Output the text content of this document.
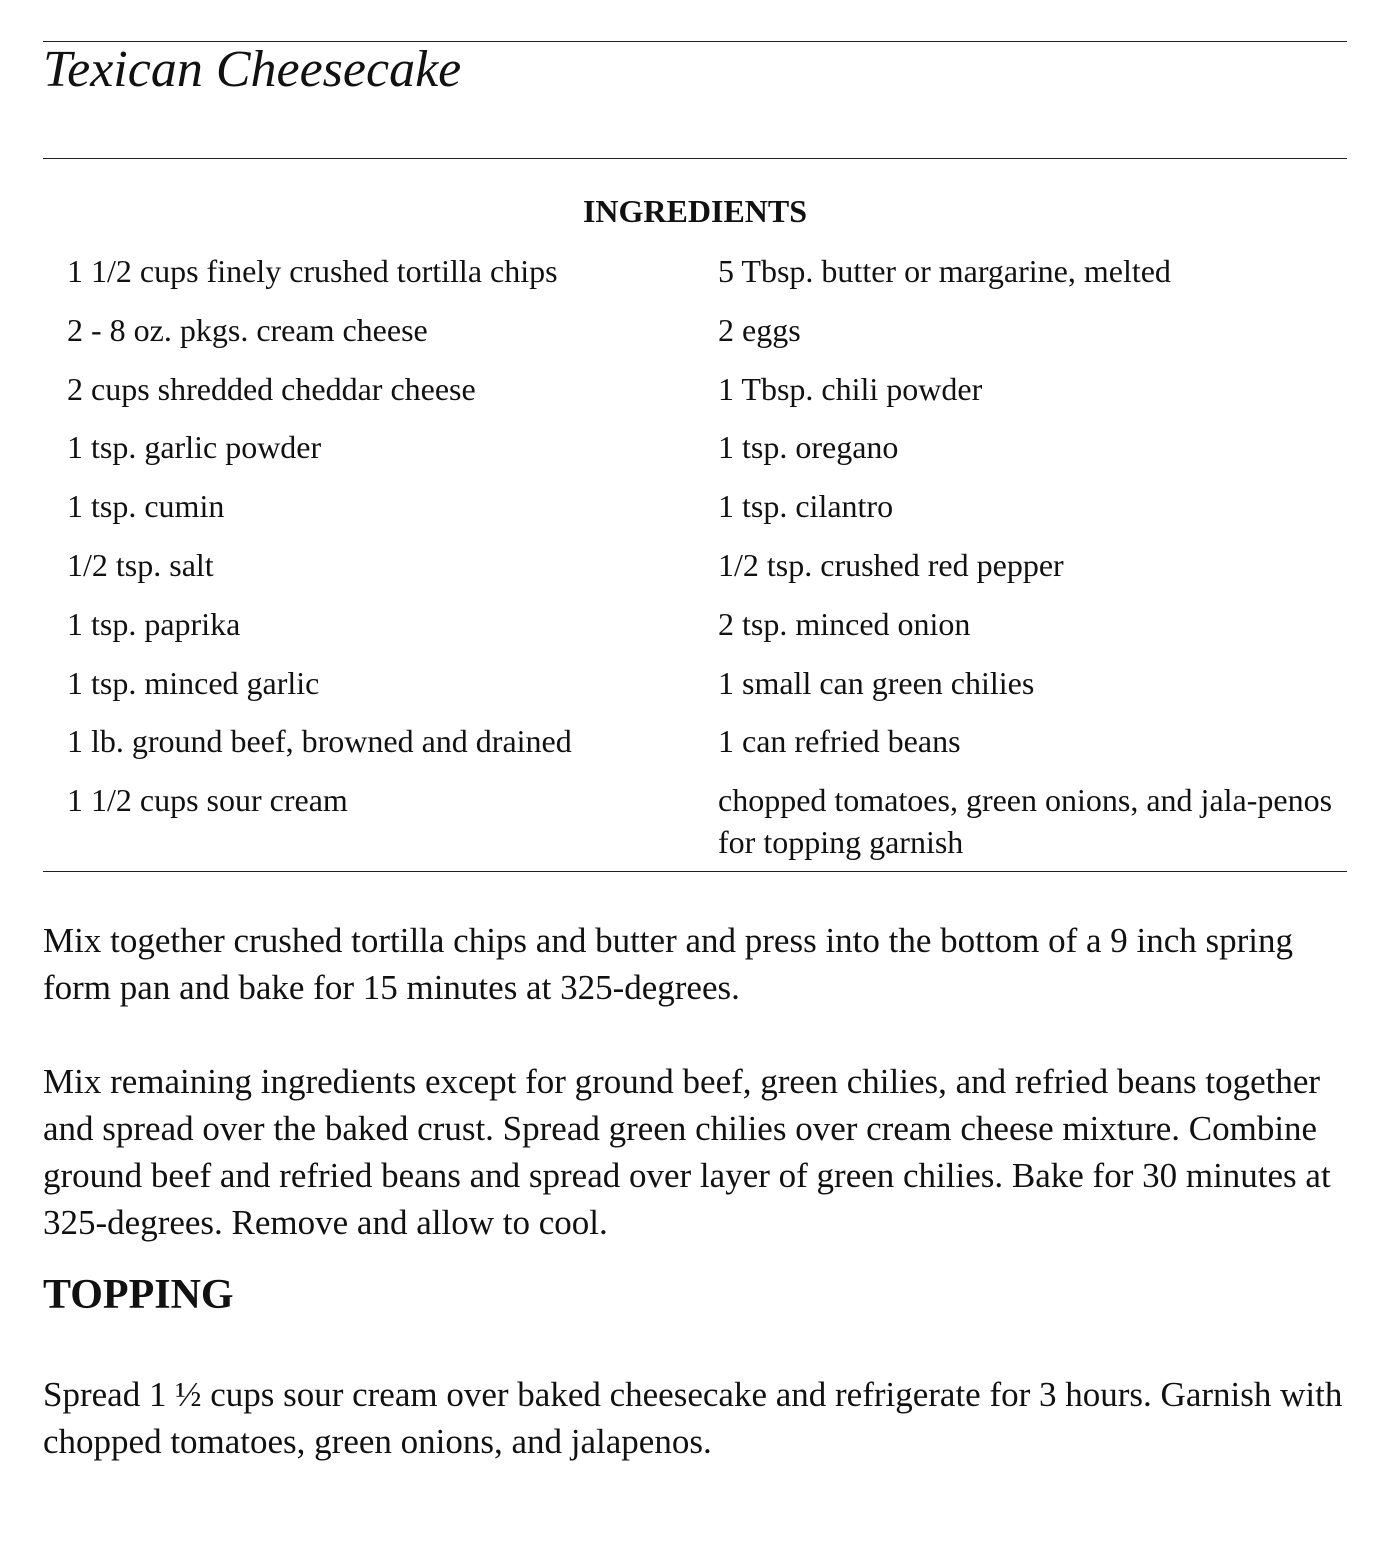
Texican Cheesecake
INGREDIENTS
1 1/2 cups finely crushed tortilla chips
2 - 8 oz. pkgs. cream cheese
2 cups shredded cheddar cheese
1 tsp. garlic powder
1 tsp. cumin
1/2 tsp. salt
1 tsp. paprika
1 tsp. minced garlic
1 lb. ground beef, browned and drained
1 1/2 cups sour cream
5 Tbsp. butter or margarine, melted
2 eggs
1 Tbsp. chili powder
1 tsp. oregano
1 tsp. cilantro
1/2 tsp. crushed red pepper
2 tsp. minced onion
1 small can green chilies
1 can refried beans
chopped tomatoes, green onions, and jala-penos for topping garnish

Mix together crushed tortilla chips and butter and press into the bottom of a 9 inch spring form pan and bake for 15 minutes at 325-degrees.

Mix remaining ingredients except for ground beef, green chilies, and refried beans together and spread over the baked crust. Spread green chilies over cream cheese mixture. Combine ground beef and refried beans and spread over layer of green chilies. Bake for 30 minutes at 325-degrees. Remove and allow to cool.

TOPPING

Spread 1 ½ cups sour cream over baked cheesecake and refrigerate for 3 hours. Garnish with chopped tomatoes, green onions, and jalapenos.
